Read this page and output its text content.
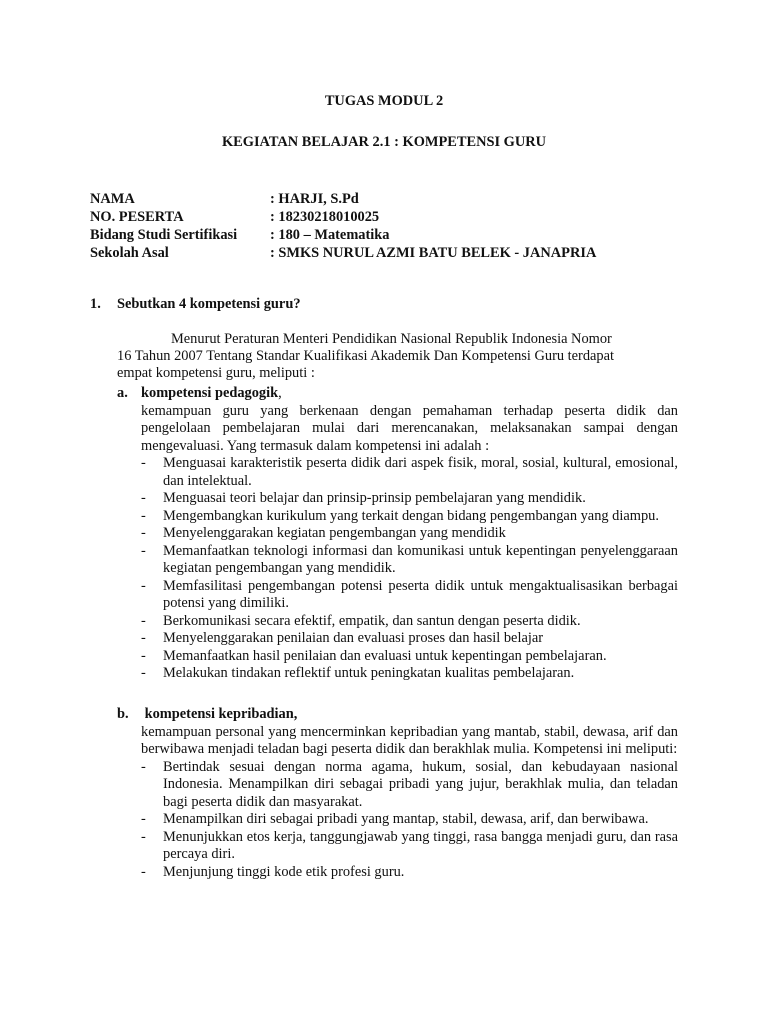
TUGAS MODUL 2
KEGIATAN BELAJAR 2.1 : KOMPETENSI GURU
NAMA	: HARJI, S.Pd
NO. PESERTA	: 18230218010025
Bidang Studi Sertifikasi	: 180 – Matematika
Sekolah Asal	: SMKS NURUL AZMI BATU BELEK - JANAPRIA
1.	Sebutkan 4 kompetensi guru?
Menurut Peraturan Menteri Pendidikan Nasional Republik Indonesia Nomor
16 Tahun 2007 Tentang Standar Kualifikasi Akademik Dan Kompetensi Guru terdapat
empat kompetensi guru, meliputi :
a. kompetensi pedagogik,
kemampuan guru yang berkenaan dengan pemahaman terhadap peserta didik dan pengelolaan pembelajaran mulai dari merencanakan, melaksanakan sampai dengan mengevaluasi. Yang termasuk dalam kompetensi ini adalah :
-	Menguasai karakteristik peserta didik dari aspek fisik, moral, sosial, kultural, emosional, dan intelektual.
-	Menguasai teori belajar dan prinsip-prinsip pembelajaran yang mendidik.
-	Mengembangkan kurikulum yang terkait dengan bidang pengembangan yang diampu.
-	Menyelenggarakan kegiatan pengembangan yang mendidik
-	Memanfaatkan teknologi informasi dan komunikasi untuk kepentingan penyelenggaraan kegiatan pengembangan yang mendidik.
-	Memfasilitasi pengembangan potensi peserta didik untuk mengaktualisasikan berbagai potensi yang dimiliki.
-	Berkomunikasi secara efektif, empatik, dan santun dengan peserta didik.
-	Menyelenggarakan penilaian dan evaluasi proses dan hasil belajar
-	Memanfaatkan hasil penilaian dan evaluasi untuk kepentingan pembelajaran.
-	Melakukan tindakan reflektif untuk peningkatan kualitas pembelajaran.
b. kompetensi kepribadian,
kemampuan personal yang mencerminkan kepribadian yang mantab, stabil, dewasa, arif dan berwibawa menjadi teladan bagi peserta didik dan berakhlak mulia. Kompetensi ini meliputi:
-	Bertindak sesuai dengan norma agama, hukum, sosial, dan kebudayaan nasional Indonesia. Menampilkan diri sebagai pribadi yang jujur, berakhlak mulia, dan teladan bagi peserta didik dan masyarakat.
-	Menampilkan diri sebagai pribadi yang mantap, stabil, dewasa, arif, dan berwibawa.
-	Menunjukkan etos kerja, tanggungjawab yang tinggi, rasa bangga menjadi guru, dan rasa percaya diri.
-	Menjunjung tinggi kode etik profesi guru.
